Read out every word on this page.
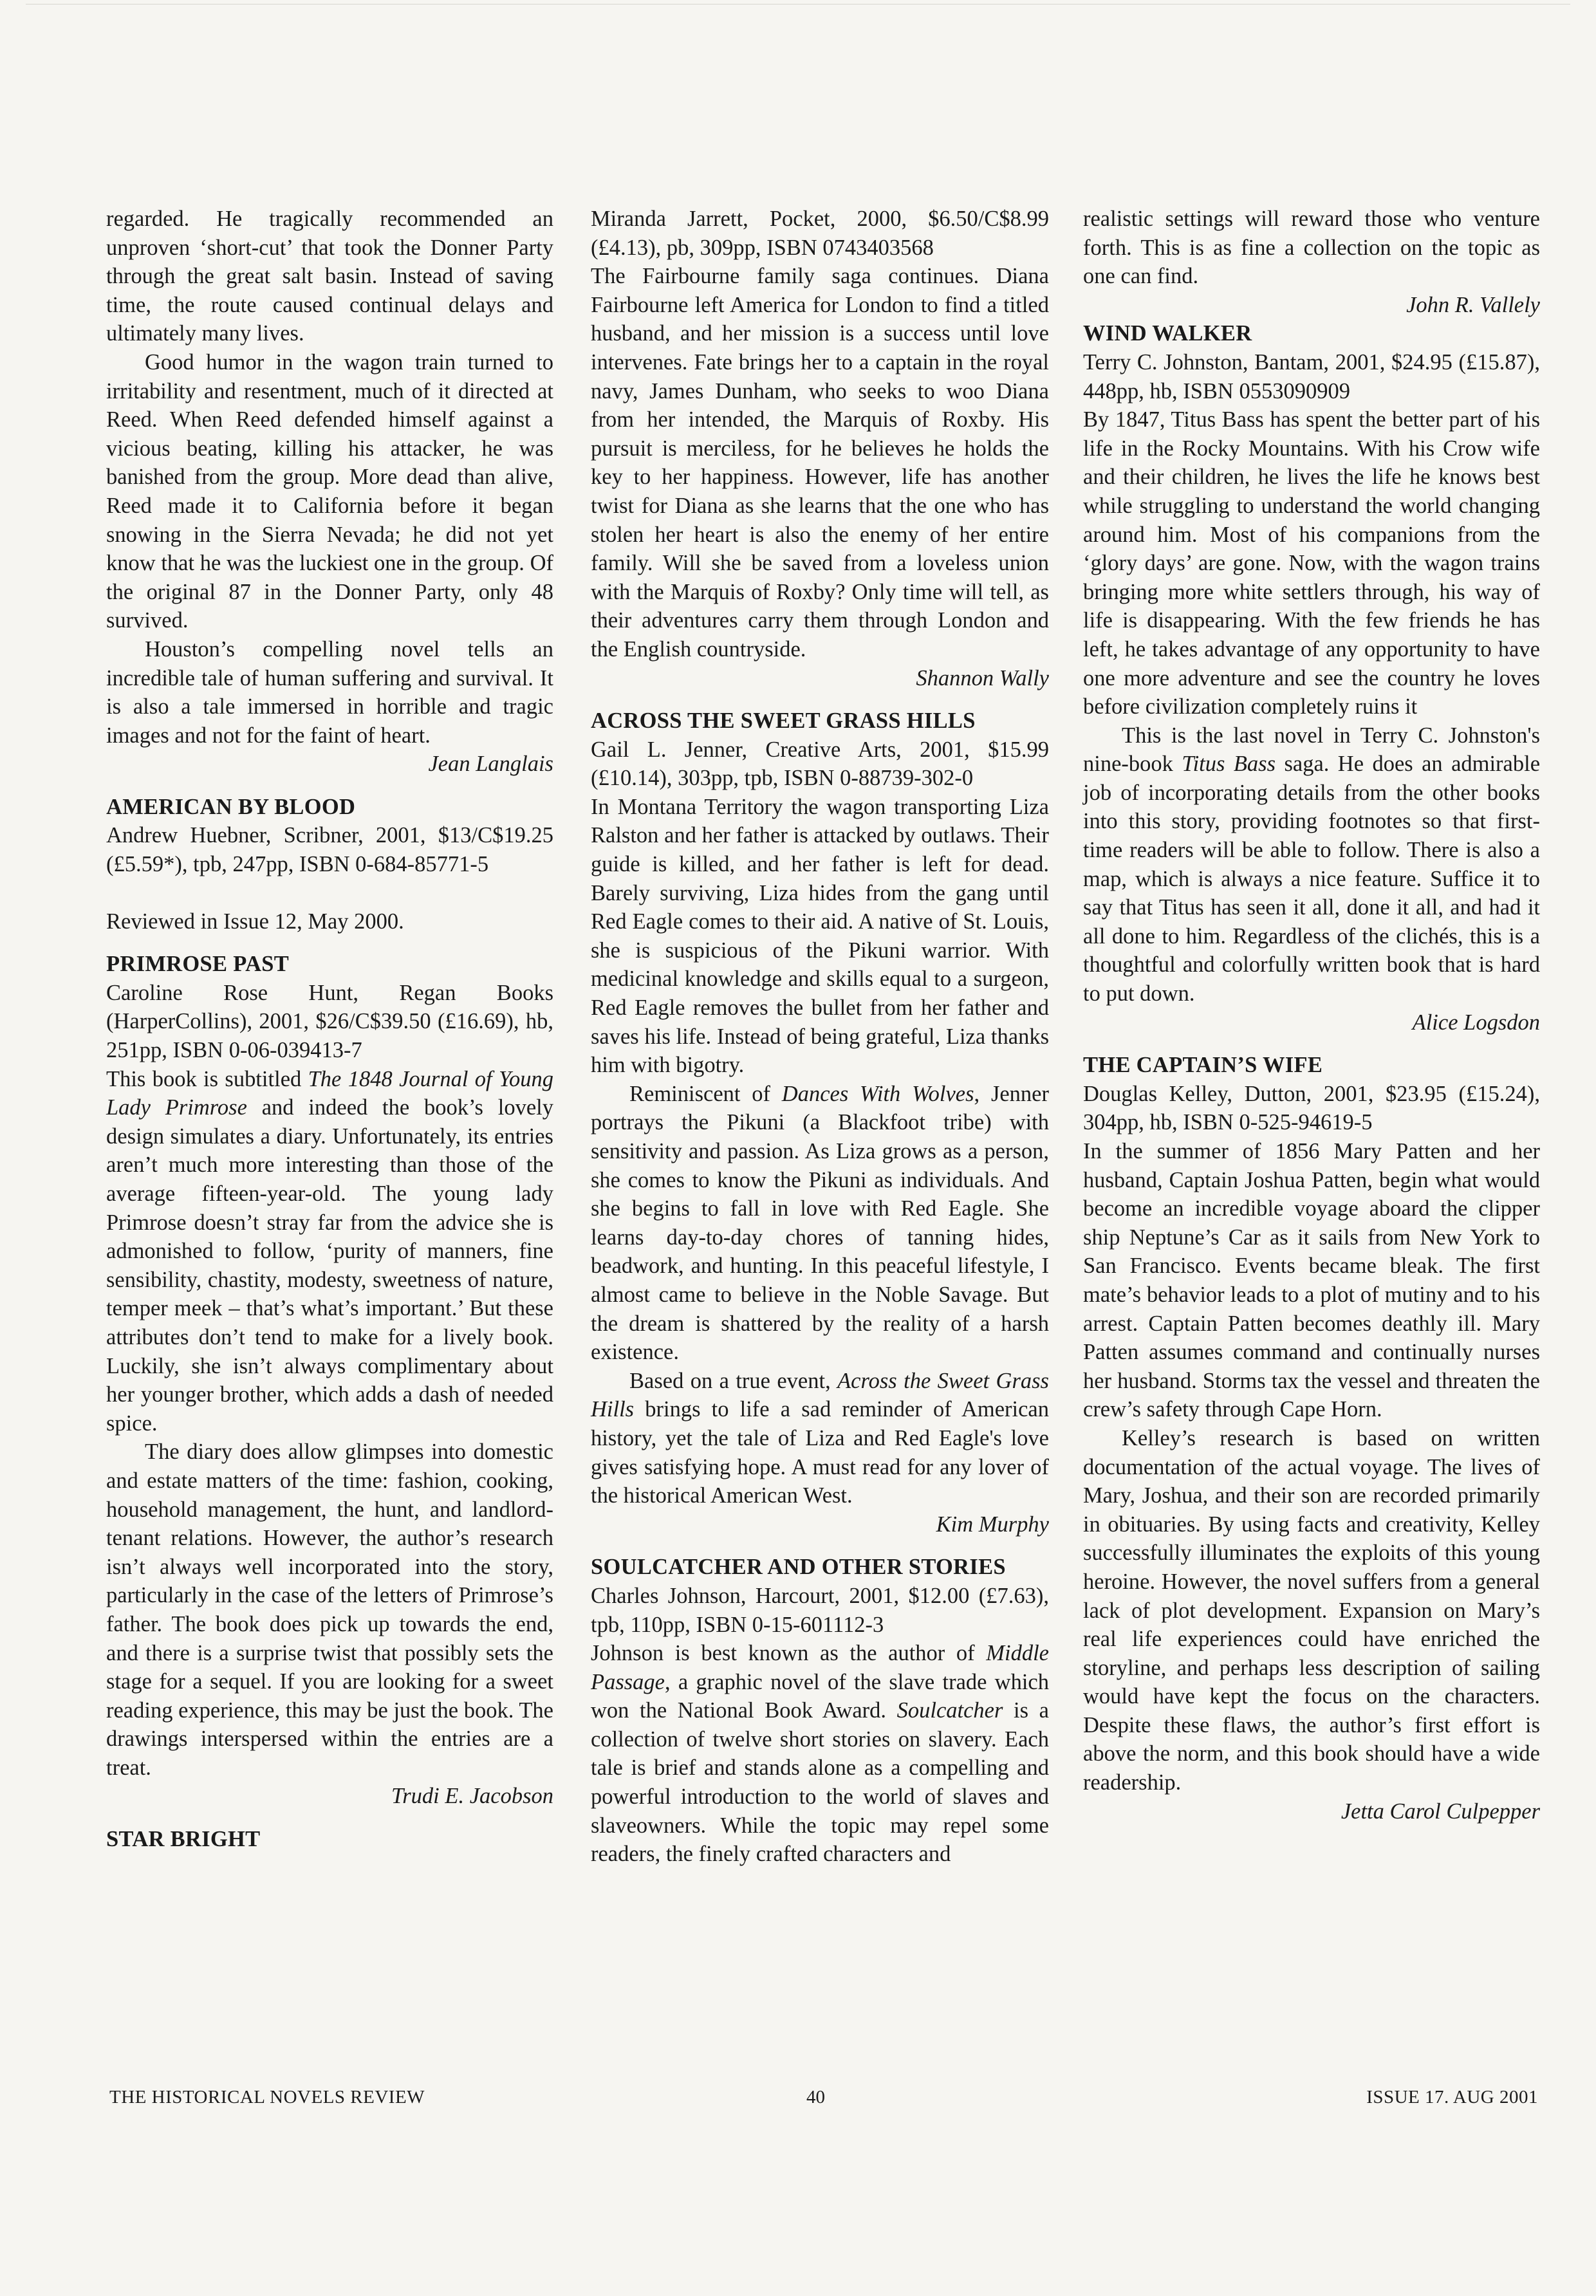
regarded. He tragically recommended an unproven ‘short-cut’ that took the Donner Party through the great salt basin. Instead of saving time, the route caused continual delays and ultimately many lives.

Good humor in the wagon train turned to irritability and resentment, much of it directed at Reed. When Reed defended himself against a vicious beating, killing his attacker, he was banished from the group. More dead than alive, Reed made it to California before it began snowing in the Sierra Nevada; he did not yet know that he was the luckiest one in the group. Of the original 87 in the Donner Party, only 48 survived.

Houston’s compelling novel tells an incredible tale of human suffering and survival. It is also a tale immersed in horrible and tragic images and not for the faint of heart.

Jean Langlais

AMERICAN BY BLOOD

Andrew Huebner, Scribner, 2001, $13/C$19.25 (£5.59*), tpb, 247pp, ISBN 0-684-85771-5

Reviewed in Issue 12, May 2000.

PRIMROSE PAST

Caroline Rose Hunt, Regan Books (HarperCollins), 2001, $26/C$39.50 (£16.69), hb, 251pp, ISBN 0-06-039413-7

This book is subtitled The 1848 Journal of Young Lady Primrose and indeed the book’s lovely design simulates a diary. Unfortunately, its entries aren’t much more interesting than those of the average fifteen-year-old. The young lady Primrose doesn’t stray far from the advice she is admonished to follow, ‘purity of manners, fine sensibility, chastity, modesty, sweetness of nature, temper meek – that’s what’s important.’ But these attributes don’t tend to make for a lively book. Luckily, she isn’t always complimentary about her younger brother, which adds a dash of needed spice.

The diary does allow glimpses into domestic and estate matters of the time: fashion, cooking, household management, the hunt, and landlord-tenant relations. However, the author’s research isn’t always well incorporated into the story, particularly in the case of the letters of Primrose’s father. The book does pick up towards the end, and there is a surprise twist that possibly sets the stage for a sequel. If you are looking for a sweet reading experience, this may be just the book. The drawings interspersed within the entries are a treat.

Trudi E. Jacobson

STAR BRIGHT

Miranda Jarrett, Pocket, 2000, $6.50/C$8.99 (£4.13), pb, 309pp, ISBN 0743403568

The Fairbourne family saga continues. Diana Fairbourne left America for London to find a titled husband, and her mission is a success until love intervenes. Fate brings her to a captain in the royal navy, James Dunham, who seeks to woo Diana from her intended, the Marquis of Roxby. His pursuit is merciless, for he believes he holds the key to her happiness. However, life has another twist for Diana as she learns that the one who has stolen her heart is also the enemy of her entire family. Will she be saved from a loveless union with the Marquis of Roxby? Only time will tell, as their adventures carry them through London and the English countryside.

Shannon Wally

ACROSS THE SWEET GRASS HILLS

Gail L. Jenner, Creative Arts, 2001, $15.99 (£10.14), 303pp, tpb, ISBN 0-88739-302-0

In Montana Territory the wagon transporting Liza Ralston and her father is attacked by outlaws. Their guide is killed, and her father is left for dead. Barely surviving, Liza hides from the gang until Red Eagle comes to their aid. A native of St. Louis, she is suspicious of the Pikuni warrior. With medicinal knowledge and skills equal to a surgeon, Red Eagle removes the bullet from her father and saves his life. Instead of being grateful, Liza thanks him with bigotry.

Reminiscent of Dances With Wolves, Jenner portrays the Pikuni (a Blackfoot tribe) with sensitivity and passion. As Liza grows as a person, she comes to know the Pikuni as individuals. And she begins to fall in love with Red Eagle. She learns day-to-day chores of tanning hides, beadwork, and hunting. In this peaceful lifestyle, I almost came to believe in the Noble Savage. But the dream is shattered by the reality of a harsh existence.

Based on a true event, Across the Sweet Grass Hills brings to life a sad reminder of American history, yet the tale of Liza and Red Eagle's love gives satisfying hope. A must read for any lover of the historical American West.

Kim Murphy

SOULCATCHER AND OTHER STORIES

Charles Johnson, Harcourt, 2001, $12.00 (£7.63), tpb, 110pp, ISBN 0-15-601112-3

Johnson is best known as the author of Middle Passage, a graphic novel of the slave trade which won the National Book Award. Soulcatcher is a collection of twelve short stories on slavery. Each tale is brief and stands alone as a compelling and powerful introduction to the world of slaves and slaveowners. While the topic may repel some readers, the finely crafted characters and

realistic settings will reward those who venture forth. This is as fine a collection on the topic as one can find.

John R. Vallely

WIND WALKER

Terry C. Johnston, Bantam, 2001, $24.95 (£15.87), 448pp, hb, ISBN 0553090909

By 1847, Titus Bass has spent the better part of his life in the Rocky Mountains. With his Crow wife and their children, he lives the life he knows best while struggling to understand the world changing around him. Most of his companions from the ‘glory days’ are gone. Now, with the wagon trains bringing more white settlers through, his way of life is disappearing. With the few friends he has left, he takes advantage of any opportunity to have one more adventure and see the country he loves before civilization completely ruins it

This is the last novel in Terry C. Johnston's nine-book Titus Bass saga. He does an admirable job of incorporating details from the other books into this story, providing footnotes so that first-time readers will be able to follow. There is also a map, which is always a nice feature. Suffice it to say that Titus has seen it all, done it all, and had it all done to him. Regardless of the clichés, this is a thoughtful and colorfully written book that is hard to put down.

Alice Logsdon

THE CAPTAIN’S WIFE

Douglas Kelley, Dutton, 2001, $23.95 (£15.24), 304pp, hb, ISBN 0-525-94619-5

In the summer of 1856 Mary Patten and her husband, Captain Joshua Patten, begin what would become an incredible voyage aboard the clipper ship Neptune’s Car as it sails from New York to San Francisco. Events became bleak. The first mate’s behavior leads to a plot of mutiny and to his arrest. Captain Patten becomes deathly ill. Mary Patten assumes command and continually nurses her husband. Storms tax the vessel and threaten the crew’s safety through Cape Horn.

Kelley’s research is based on written documentation of the actual voyage. The lives of Mary, Joshua, and their son are recorded primarily in obituaries. By using facts and creativity, Kelley successfully illuminates the exploits of this young heroine. However, the novel suffers from a general lack of plot development. Expansion on Mary’s real life experiences could have enriched the storyline, and perhaps less description of sailing would have kept the focus on the characters. Despite these flaws, the author’s first effort is above the norm, and this book should have a wide readership.

Jetta Carol Culpepper

THE HISTORICAL NOVELS REVIEW	40	ISSUE 17. AUG 2001
